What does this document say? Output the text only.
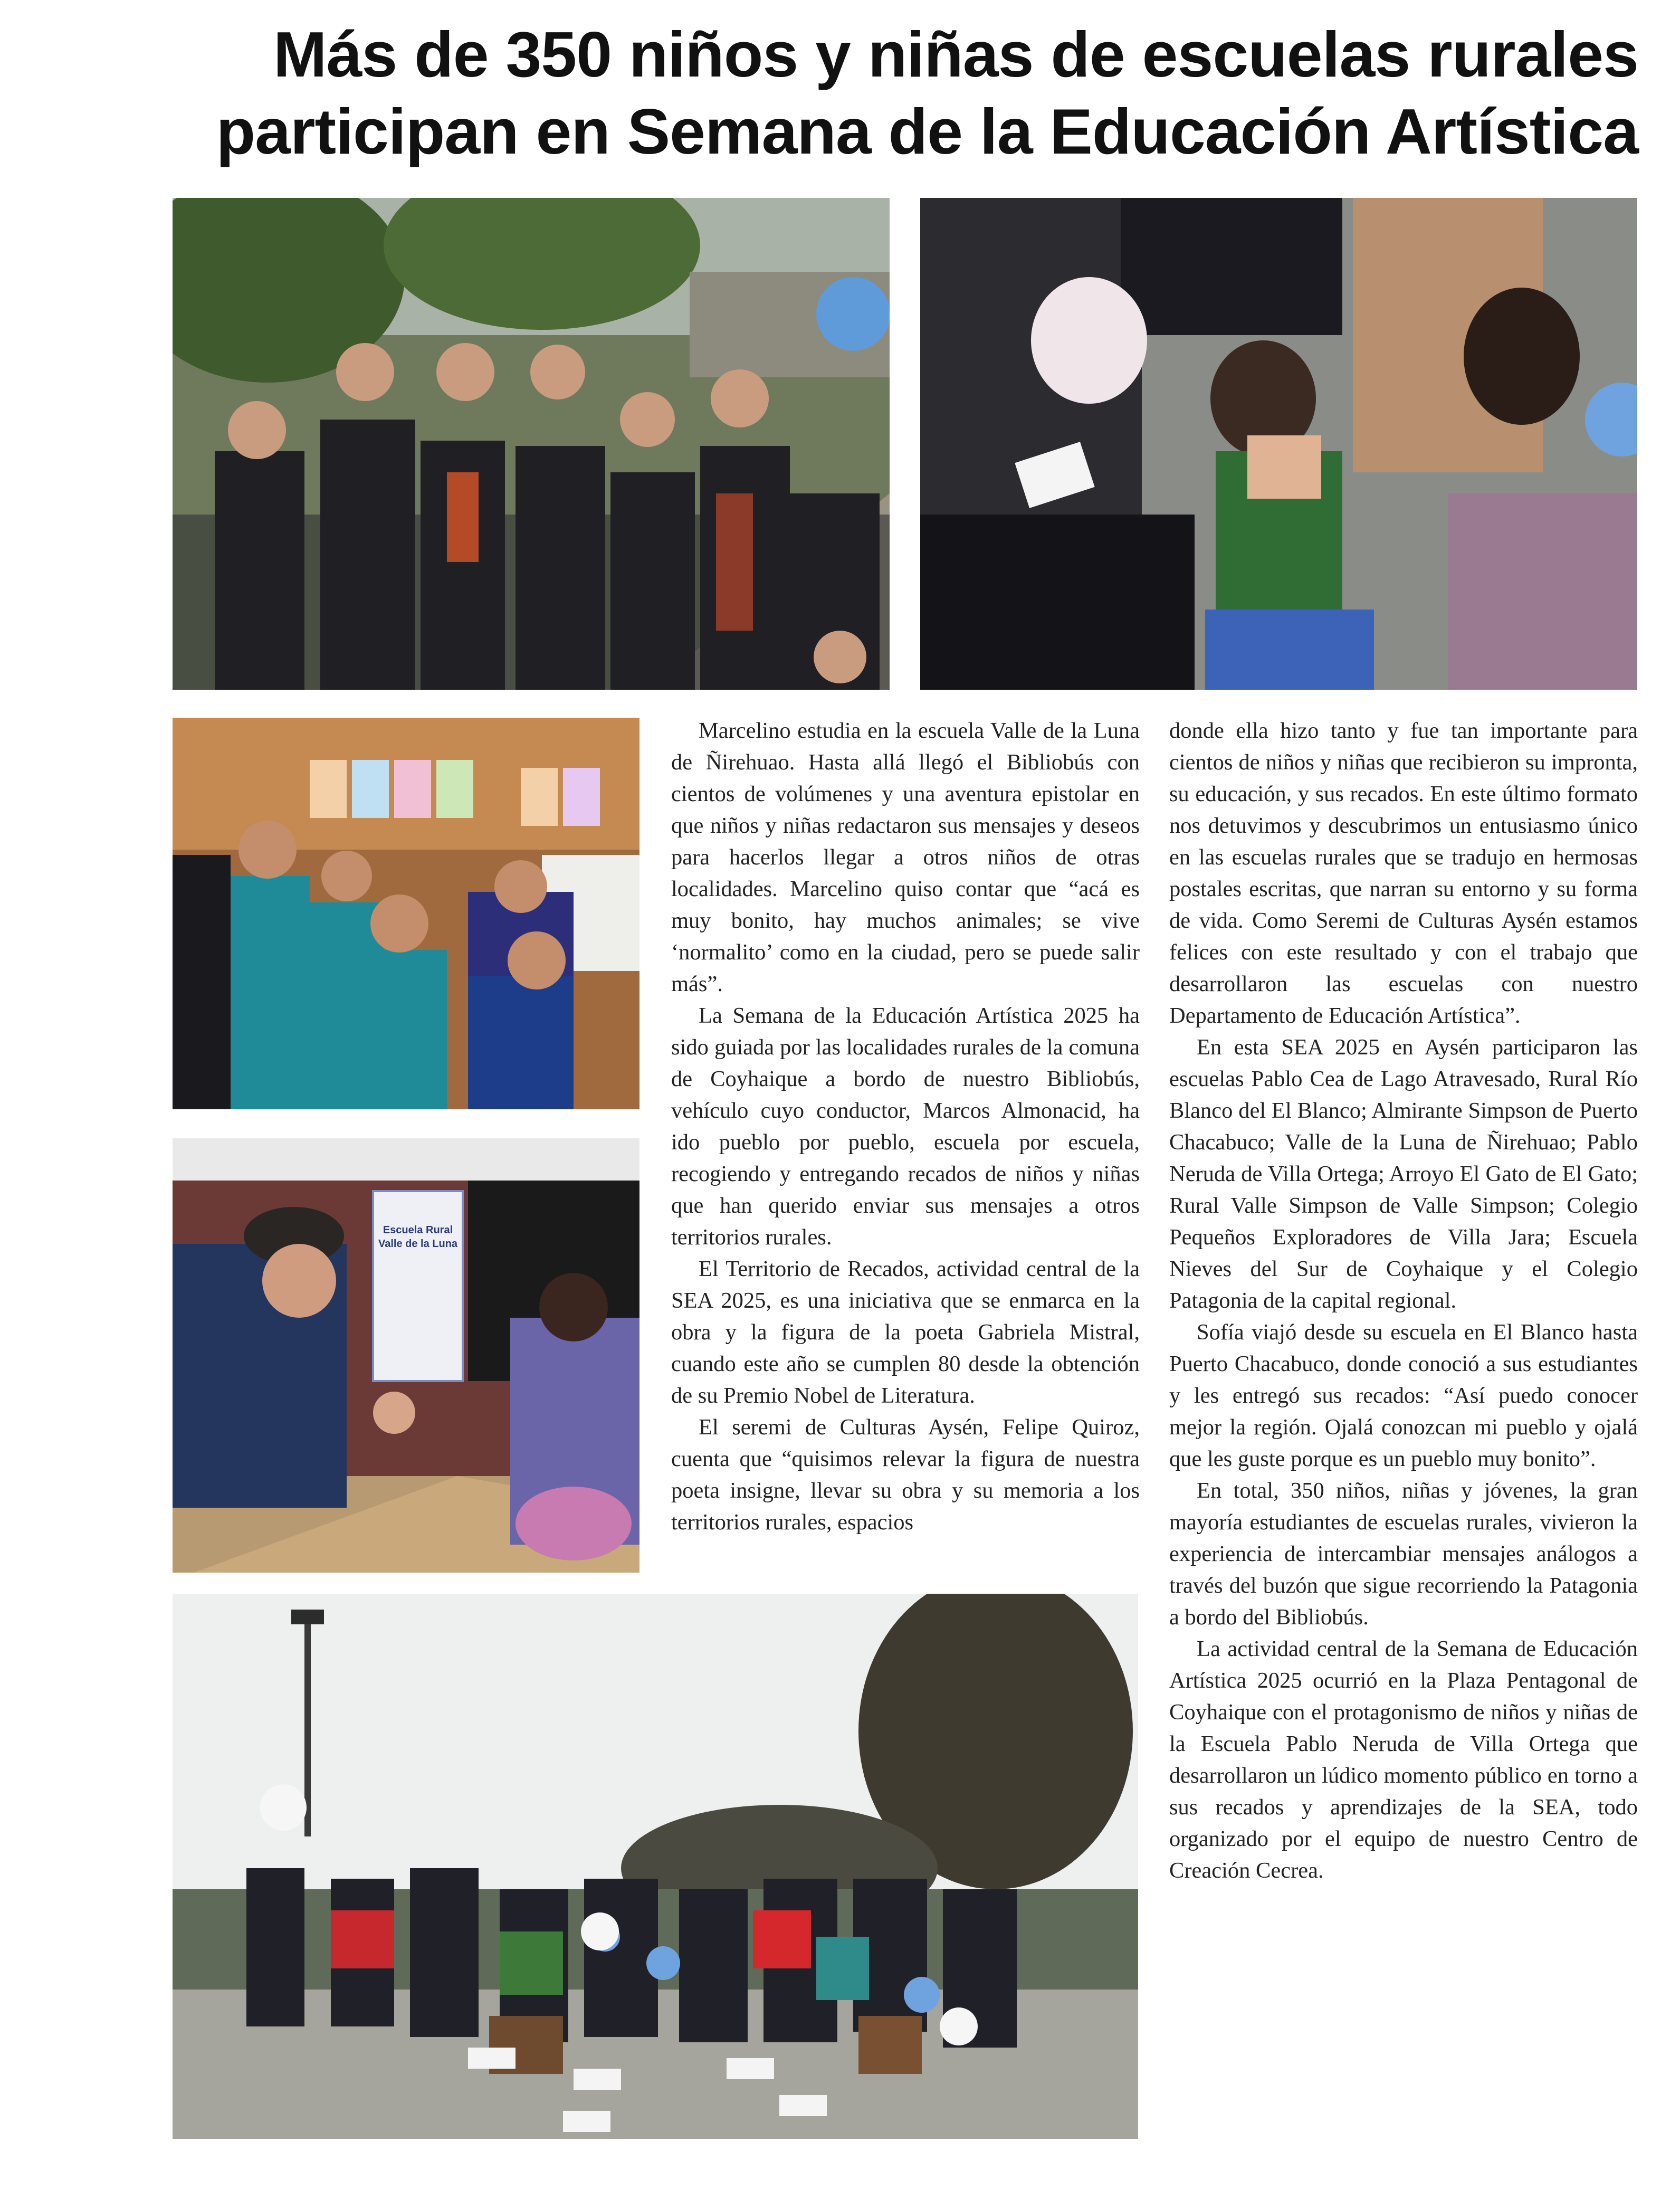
Más de 350 niños y niñas de escuelas rurales
participan en Semana de la Educación Artística
Escuela Rural
Valle de la Luna

Marcelino estudia en la escuela Valle de la Luna de Ñirehuao. Hasta allá llegó el Bibliobús con cientos de volúmenes y una aventura epistolar en que niños y niñas redactaron sus mensajes y deseos para hacerlos llegar a otros niños de otras localidades. Marcelino quiso contar que “acá es muy bonito, hay muchos animales; se vive ‘normalito’ como en la ciudad, pero se puede salir más”.

La Semana de la Educación Artística 2025 ha sido guiada por las localidades rurales de la comuna de Coyhaique a bordo de nuestro Bibliobús, vehículo cuyo conductor, Marcos Almonacid, ha ido pueblo por pueblo, escuela por escuela, recogiendo y entregando recados de niños y niñas que han querido enviar sus mensajes a otros territorios rurales.

El Territorio de Recados, actividad central de la SEA 2025, es una iniciativa que se enmarca en la obra y la figura de la poeta Gabriela Mistral, cuando este año se cumplen 80 desde la obtención de su Premio Nobel de Literatura.

El seremi de Culturas Aysén, Felipe Quiroz, cuenta que “quisimos relevar la figura de nuestra poeta insigne, llevar su obra y su memoria a los territorios rurales, espacios

donde ella hizo tanto y fue tan importante para cientos de niños y niñas que recibieron su impronta, su educación, y sus recados. En este último formato nos detuvimos y descubrimos un entusiasmo único en las escuelas rurales que se tradujo en hermosas postales escritas, que narran su entorno y su forma de vida. Como Seremi de Culturas Aysén estamos felices con este resultado y con el trabajo que desarrollaron las escuelas con nuestro Departamento de Educación Artística”.

En esta SEA 2025 en Aysén participaron las escuelas Pablo Cea de Lago Atravesado, Rural Río Blanco del El Blanco; Almirante Simpson de Puerto Chacabuco; Valle de la Luna de Ñirehuao; Pablo Neruda de Villa Ortega; Arroyo El Gato de El Gato; Rural Valle Simpson de Valle Simpson; Colegio Pequeños Exploradores de Villa Jara; Escuela Nieves del Sur de Coyhaique y el Colegio Patagonia de la capital regional.

Sofía viajó desde su escuela en El Blanco hasta Puerto Chacabuco, donde conoció a sus estudiantes y les entregó sus recados: “Así puedo conocer mejor la región. Ojalá conozcan mi pueblo y ojalá que les guste porque es un pueblo muy bonito”.

En total, 350 niños, niñas y jóvenes, la gran mayoría estudiantes de escuelas rurales, vivieron la experiencia de intercambiar mensajes análogos a través del buzón que sigue recorriendo la Patagonia a bordo del Bibliobús.

La actividad central de la Semana de Educación Artística 2025 ocurrió en la Plaza Pentagonal de Coyhaique con el protagonismo de niños y niñas de la Escuela Pablo Neruda de Villa Ortega que desarrollaron un lúdico momento público en torno a sus recados y aprendizajes de la SEA, todo organizado por el equipo de nuestro Centro de Creación Cecrea.
